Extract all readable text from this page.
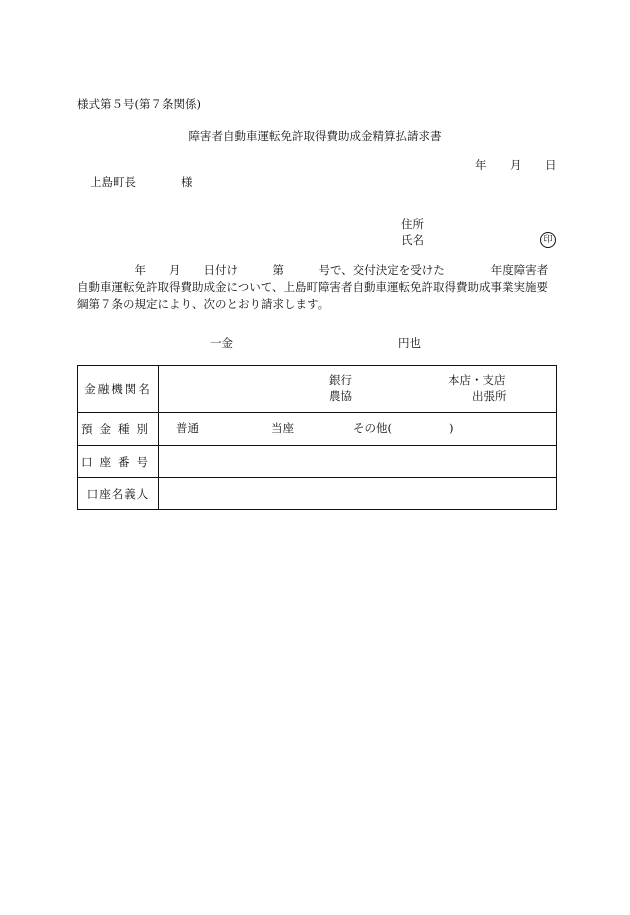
様式第５号(第７条関係)
障害者自動車運転免許取得費助成金精算払請求書
年 月 日
上島町長	様
住所
氏名	印
　　　　　年　　月　　日付け　　　第　　　号で、交付決定を受けた　　　　年度障害者
自動車運転免許取得費助成金について、上島町障害者自動車運転免許取得費助成事業実施要
綱第７条の規定により、次のとおり請求します。
一金	円也
金融機関名	銀行
農協
本店・支店
出張所

預金種別	普通 当座 その他( )

口座番号	
口座名義人	
